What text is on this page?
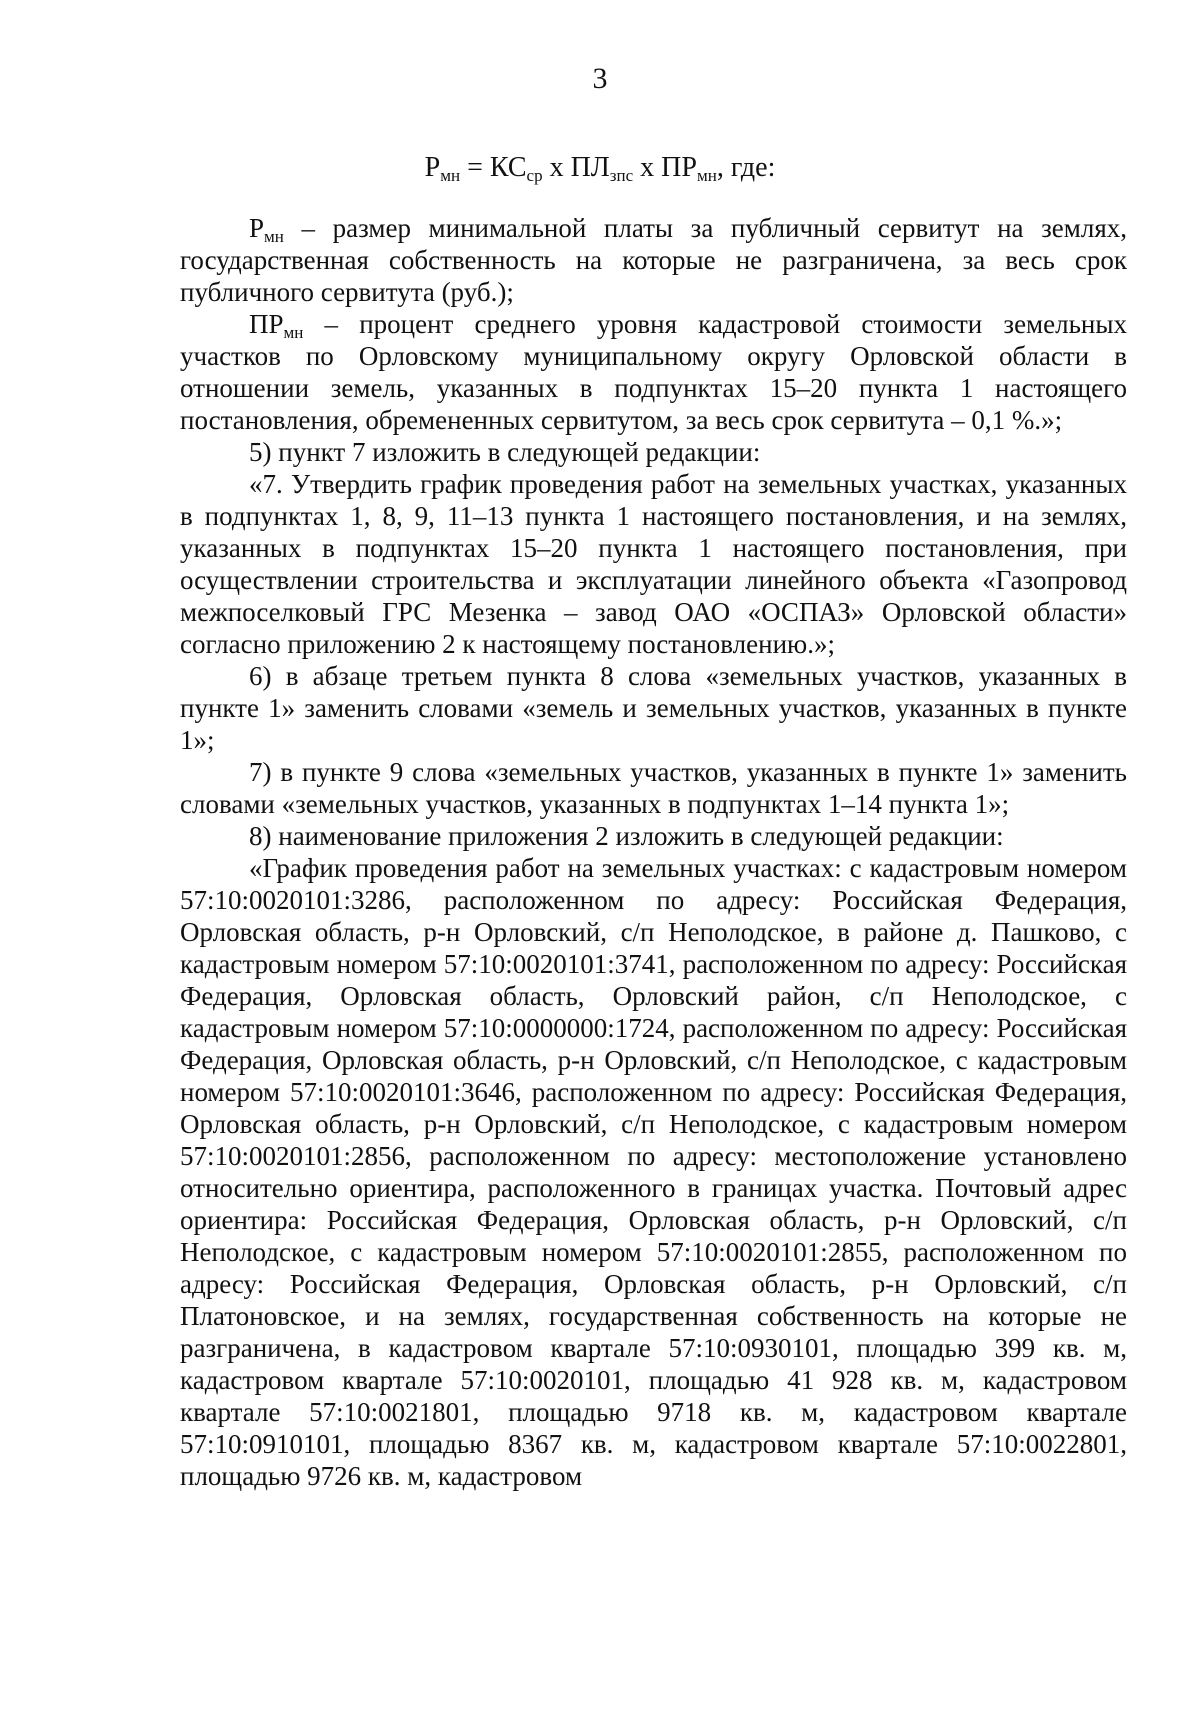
3
$Р_{мн} = КС_{ср}$ х $ПЛ_{зпс}$ х $ПР_{мн}$, где:

$Р_{мн}$ – размер минимальной платы за публичный сервитут на землях, государственная собственность на которые не разграничена, за весь срок публичного сервитута (руб.);

$ПР_{мн}$ – процент среднего уровня кадастровой стоимости земельных участков по Орловскому муниципальному округу Орловской области в отношении земель, указанных в подпунктах 15–20 пункта 1 настоящего постановления, обремененных сервитутом, за весь срок сервитута – 0,1 %.»;

5) пункт 7 изложить в следующей редакции:

«7. Утвердить график проведения работ на земельных участках, указанных в подпунктах 1, 8, 9, 11–13 пункта 1 настоящего постановления, и на землях, указанных в подпунктах 15–20 пункта 1 настоящего постановления, при осуществлении строительства и эксплуатации линейного объекта «Газопровод межпоселковый ГРС Мезенка – завод ОАО «ОСПАЗ» Орловской области» согласно приложению 2 к настоящему постановлению.»;

6) в абзаце третьем пункта 8 слова «земельных участков, указанных в пункте 1» заменить словами «земель и земельных участков, указанных в пункте 1»;

7) в пункте 9 слова «земельных участков, указанных в пункте 1» заменить словами «земельных участков, указанных в подпунктах 1–14 пункта 1»;

8) наименование приложения 2 изложить в следующей редакции:

«График проведения работ на земельных участках: с кадастровым номером 57:10:0020101:3286, расположенном по адресу: Российская Федерация, Орловская область, р-н Орловский, с/п Неполодское, в районе д. Пашково, с кадастровым номером 57:10:0020101:3741, расположенном по адресу: Российская Федерация, Орловская область, Орловский район, с/п Неполодское, с кадастровым номером 57:10:0000000:1724, расположенном по адресу: Российская Федерация, Орловская область, р-н Орловский, с/п Неполодское, с кадастровым номером 57:10:0020101:3646, расположенном по адресу: Российская Федерация, Орловская область, р-н Орловский, с/п Неполодское, с кадастровым номером 57:10:0020101:2856, расположенном по адресу: местоположение установлено относительно ориентира, расположенного в границах участка. Почтовый адрес ориентира: Российская Федерация, Орловская область, р-н Орловский, с/п Неполодское, с кадастровым номером 57:10:0020101:2855, расположенном по адресу: Российская Федерация, Орловская область, р-н Орловский, с/п Платоновское, и на землях, государственная собственность на которые не разграничена, в кадастровом квартале 57:10:0930101, площадью 399 кв. м, кадастровом квартале 57:10:0020101, площадью 41 928 кв. м, кадастровом квартале 57:10:0021801, площадью 9718 кв. м, кадастровом квартале 57:10:0910101, площадью 8367 кв. м, кадастровом квартале 57:10:0022801, площадью 9726 кв. м, кадастровом
